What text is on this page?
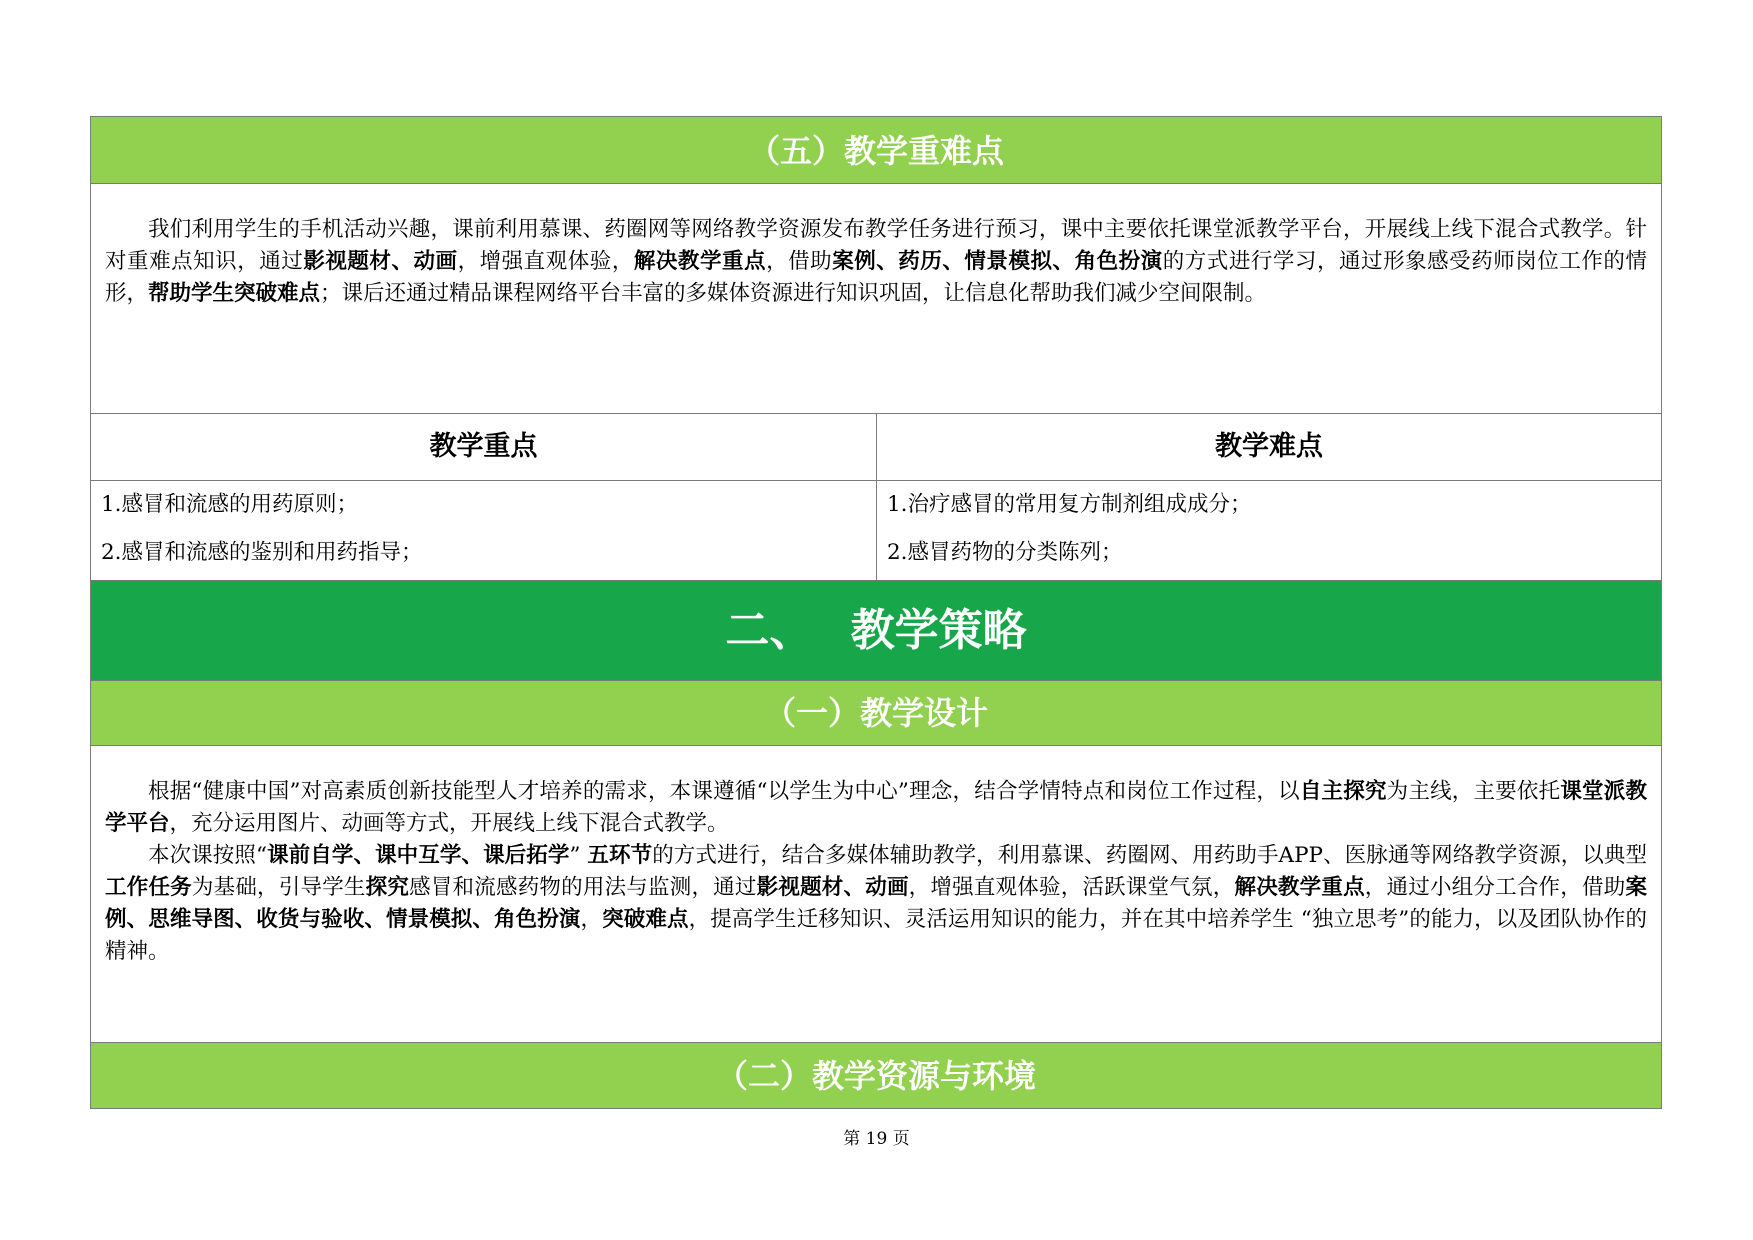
（五）教学重难点

我们利用学生的手机活动兴趣，课前利用慕课、药圈网等网络教学资源发布教学任务进行预习，课中主要依托课堂派教学平台，开展线上线下混合式教学。针对重难点知识，通过影视题材、动画，增强直观体验，解决教学重点，借助案例、药历、情景模拟、角色扮演的方式进行学习，通过形象感受药师岗位工作的情形，帮助学生突破难点；课后还通过精品课程网络平台丰富的多媒体资源进行知识巩固，让信息化帮助我们减少空间限制。

教学重点	教学难点
1.感冒和流感的用药原则；
2.感冒和流感的鉴别和用药指导；
1.治疗感冒的常用复方制剂组成成分；
2.感冒药物的分类陈列；
二、　 教学策略
（一）教学设计

根据“健康中国”对高素质创新技能型人才培养的需求，本课遵循“以学生为中心”理念，结合学情特点和岗位工作过程，以自主探究为主线，主要依托课堂派教学平台，充分运用图片、动画等方式，开展线上线下混合式教学。

本次课按照“课前自学、课中互学、课后拓学” 五环节的方式进行，结合多媒体辅助教学，利用慕课、药圈网、用药助手APP、医脉通等网络教学资源，以典型工作任务为基础，引导学生探究感冒和流感药物的用法与监测，通过影视题材、动画，增强直观体验，活跃课堂气氛，解决教学重点，通过小组分工合作，借助案例、思维导图、收货与验收、情景模拟、角色扮演，突破难点，提高学生迁移知识、灵活运用知识的能力，并在其中培养学生 “独立思考”的能力，以及团队协作的精神。

（二）教学资源与环境
第 19 页
